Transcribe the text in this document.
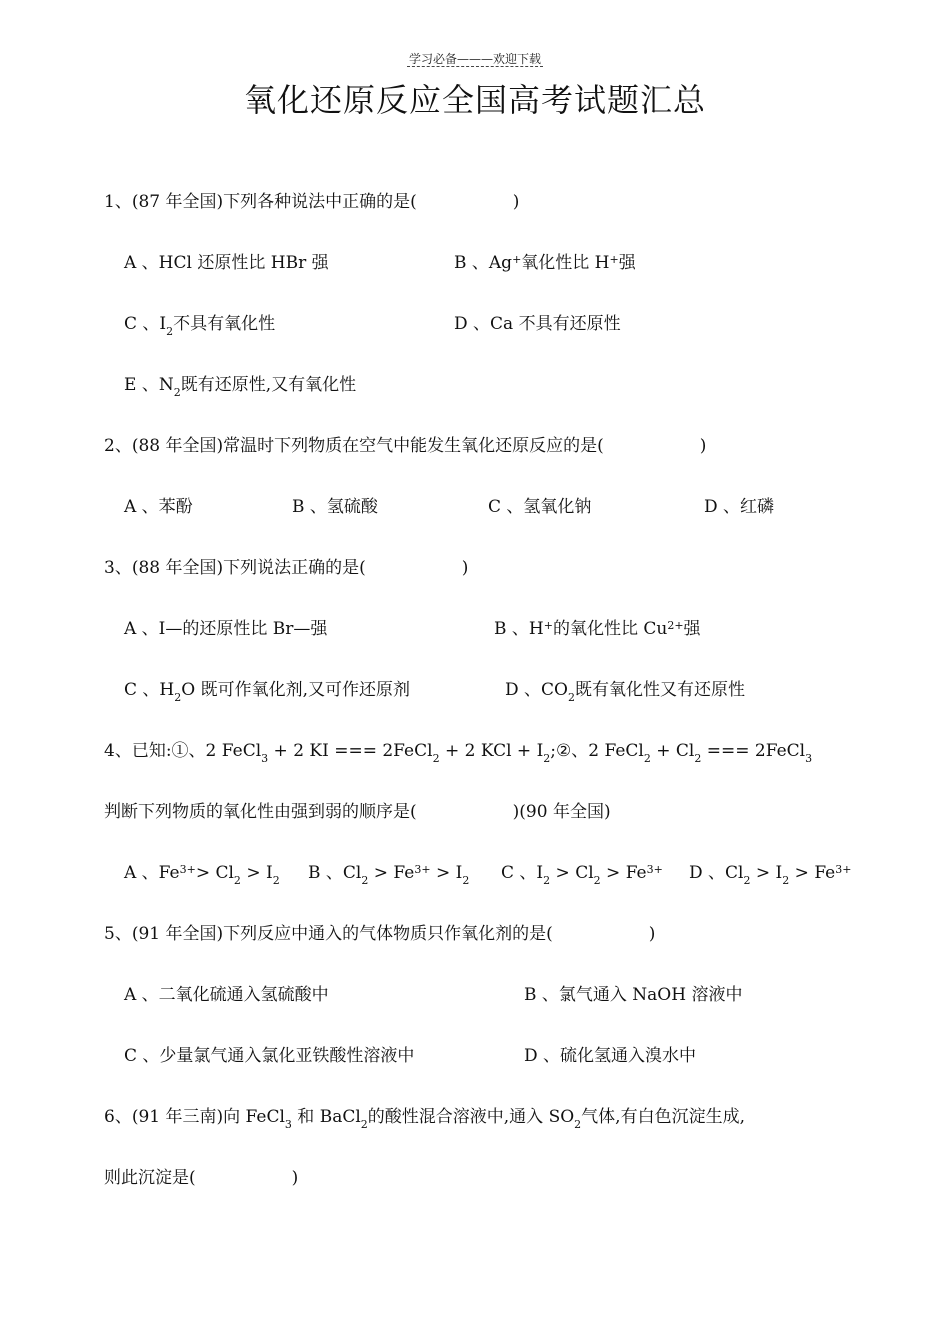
学习必备———欢迎下载
氧化还原反应全国高考试题汇总
1、(87 年全国)下列各种说法中正确的是(	)
A 、HCl 还原性比 HBr 强	B 、Ag+氧化性比 H+强
C 、$I_2$不具有氧化性	D 、Ca 不具有还原性
E 、$N_2$既有还原性,又有氧化性
2、(88 年全国)常温时下列物质在空气中能发生氧化还原反应的是(	)
A 、苯酚	B 、氢硫酸	C 、氢氧化钠	D 、红磷
3、(88 年全国)下列说法正确的是(	)
A 、I—的还原性比 Br—强	B 、H+的氧化性比 $Cu^{2+}$强
C 、$H_2O$ 既可作氧化剂,又可作还原剂	D 、$CO_2$既有氧化性又有还原性
4、已知:①、2 FeCl$_3$ + 2 KI === 2FeCl$_2$ + 2 KCl + $I_2;②$、2 FeCl$_2$ + $Cl_2$ === 2FeCl$_3$
判断下列物质的氧化性由强到弱的顺序是(	)(90 年全国)
A 、$Fe^{3+}> Cl_2 > I_2$ B 、$Cl_2 > Fe^{3+} > I_2$ C 、$I_2 > Cl_2 > Fe^{3+}$ D 、$Cl_2 > I_2 > Fe^{3+}$
5、(91 年全国)下列反应中通入的气体物质只作氧化剂的是(	)
A 、二氧化硫通入氢硫酸中	B 、氯气通入 NaOH 溶液中
C 、少量氯气通入氯化亚铁酸性溶液中	D 、硫化氢通入溴水中
6、(91 年三南)向 FeCl$_3$ 和 BaCl$_2$的酸性混合溶液中,通入 $SO_2$气体,有白色沉淀生成,
则此沉淀是(	)
